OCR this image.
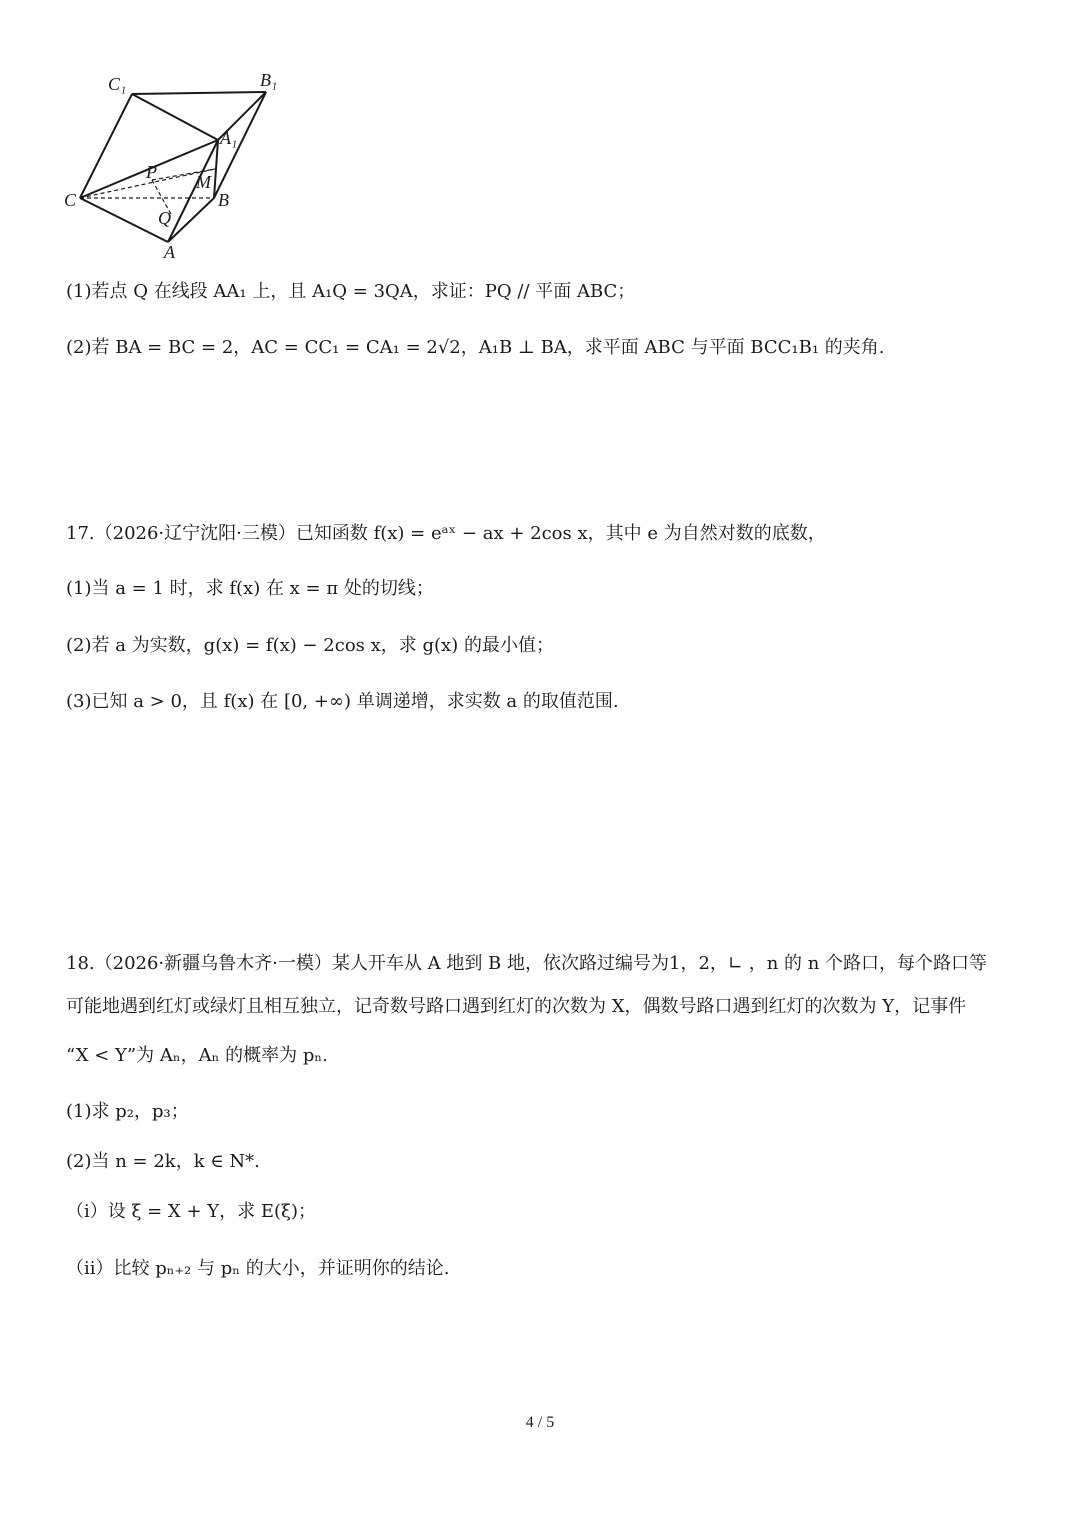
C₁	B₁
A₁
C	B
A
P M
Q
(1)若点 Q 在线段 AA₁ 上，且 A₁Q = 3QA，求证：PQ // 平面 ABC；
(2)若 BA = BC = 2，AC = CC₁ = CA₁ = 2√2，A₁B ⊥ BA，求平面 ABC 与平面 BCC₁B₁ 的夹角.
17.（2026·辽宁沈阳·三模）已知函数 f(x) = eᵃˣ − ax + 2cos x，其中 e 为自然对数的底数，
(1)当 a = 1 时，求 f(x) 在 x = π 处的切线；
(2)若 a 为实数，g(x) = f(x) − 2cos x，求 g(x) 的最小值；
(3)已知 a > 0，且 f(x) 在 [0, +∞) 单调递增，求实数 a 的取值范围.
18.（2026·新疆乌鲁木齐·一模）某人开车从 A 地到 B 地，依次路过编号为1，2，∟ ，n 的 n 个路口，每个路口等
可能地遇到红灯或绿灯且相互独立，记奇数号路口遇到红灯的次数为 X，偶数号路口遇到红灯的次数为 Y，记事件
“X < Y”为 Aₙ，Aₙ 的概率为 pₙ.
(1)求 p₂，p₃；
(2)当 n = 2k，k ∈ N*.
（i）设 ξ = X + Y，求 E(ξ)；
（ii）比较 pₙ₊₂ 与 pₙ 的大小，并证明你的结论.
4 / 5
